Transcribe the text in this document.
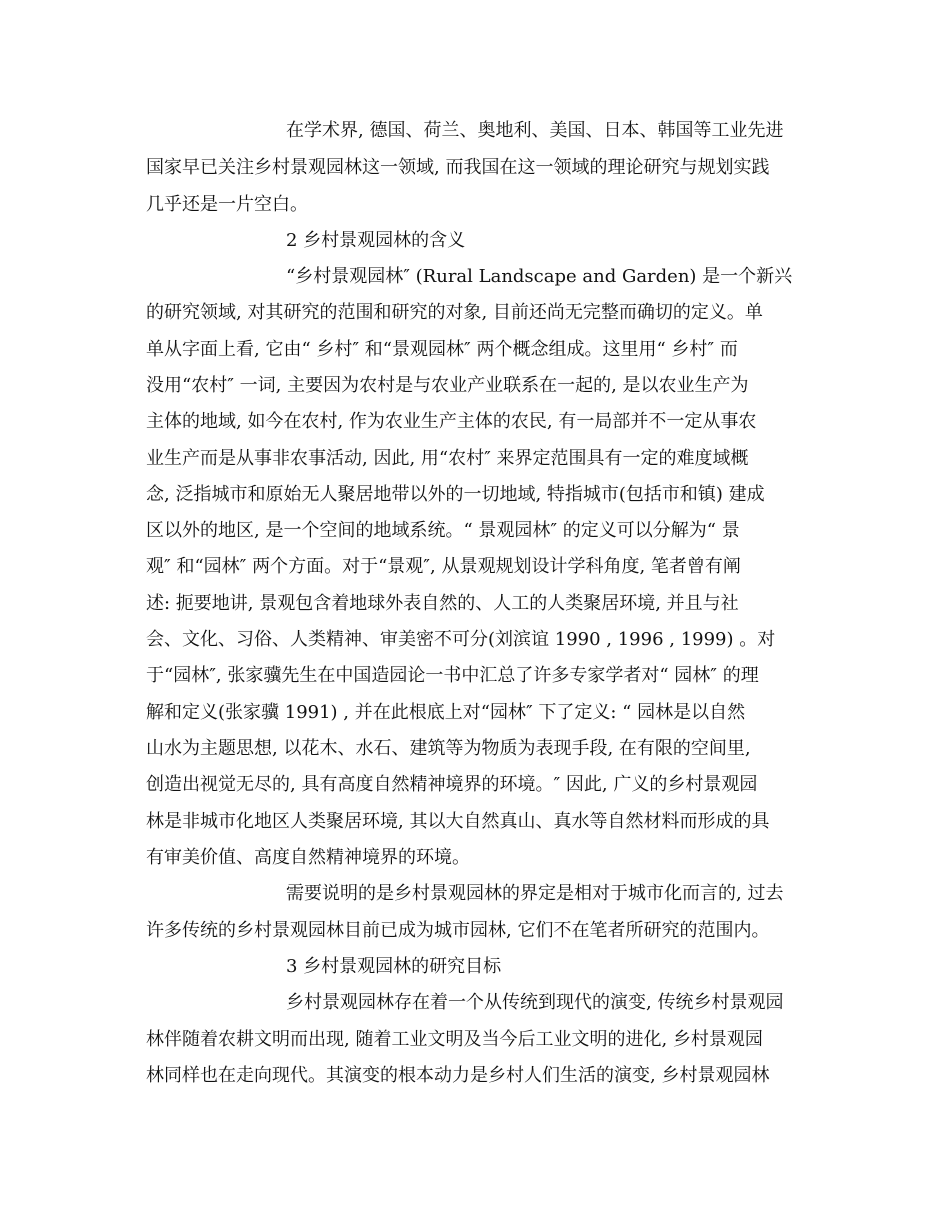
在学术界, 德国、荷兰、奥地利、美国、日本、韩国等工业先进
国家早已关注乡村景观园林这一领域, 而我国在这一领域的理论研究与规划实践
几乎还是一片空白。
2 乡村景观园林的含义
“乡村景观园林″ (Rural Landscape and Garden) 是一个新兴
的研究领域, 对其研究的范围和研究的对象, 目前还尚无完整而确切的定义。单
单从字面上看, 它由“ 乡村″ 和“景观园林″ 两个概念组成。这里用“ 乡村″ 而
没用“农村″ 一词, 主要因为农村是与农业产业联系在一起的, 是以农业生产为
主体的地域, 如今在农村, 作为农业生产主体的农民, 有一局部并不一定从事农
业生产而是从事非农事活动, 因此, 用“农村″ 来界定范围具有一定的难度域概
念, 泛指城市和原始无人聚居地带以外的一切地域, 特指城市(包括市和镇) 建成
区以外的地区, 是一个空间的地域系统。“ 景观园林″ 的定义可以分解为“ 景
观″ 和“园林″ 两个方面。对于“景观″, 从景观规划设计学科角度, 笔者曾有阐
述: 扼要地讲, 景观包含着地球外表自然的、人工的人类聚居环境, 并且与社
会、文化、习俗、人类精神、审美密不可分(刘滨谊 1990 , 1996 , 1999) 。对
于“园林″, 张家骥先生在中国造园论一书中汇总了许多专家学者对“ 园林″ 的理
解和定义(张家骥 1991) , 并在此根底上对“园林″ 下了定义: “ 园林是以自然
山水为主题思想, 以花木、水石、建筑等为物质为表现手段, 在有限的空间里,
创造出视觉无尽的, 具有高度自然精神境界的环境。″ 因此, 广义的乡村景观园
林是非城市化地区人类聚居环境, 其以大自然真山、真水等自然材料而形成的具
有审美价值、高度自然精神境界的环境。
需要说明的是乡村景观园林的界定是相对于城市化而言的, 过去
许多传统的乡村景观园林目前已成为城市园林, 它们不在笔者所研究的范围内。
3 乡村景观园林的研究目标
乡村景观园林存在着一个从传统到现代的演变, 传统乡村景观园
林伴随着农耕文明而出现, 随着工业文明及当今后工业文明的进化, 乡村景观园
林同样也在走向现代。其演变的根本动力是乡村人们生活的演变, 乡村景观园林
